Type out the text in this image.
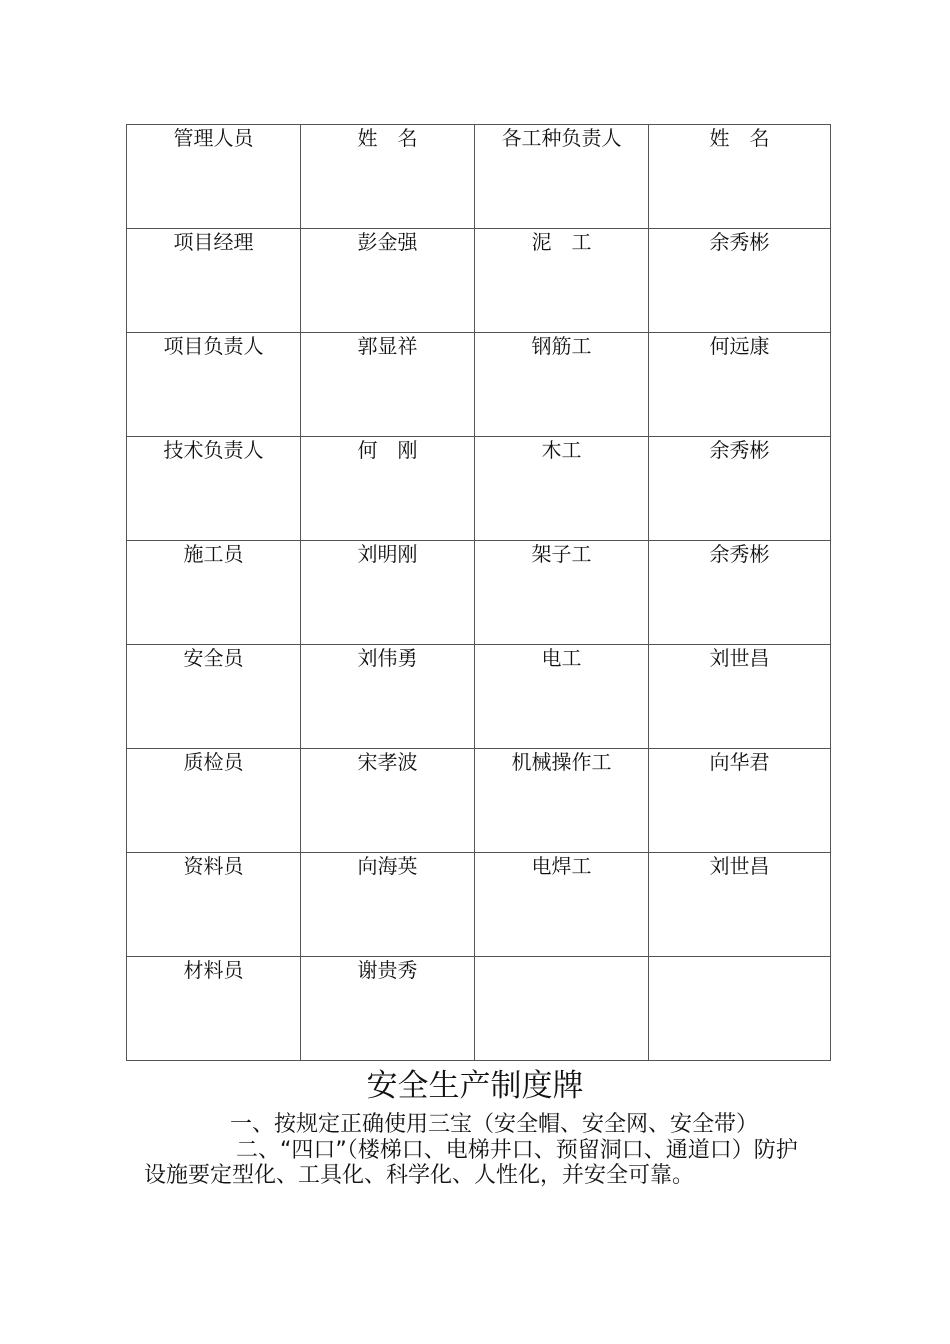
管理人员	姓　名	各工种负责人	姓　名

项目经理	彭金强	泥　工	余秀彬

项目负责人	郭显祥	钢筋工	何远康

技术负责人	何　刚	木工	余秀彬

施工员	刘明刚	架子工	余秀彬

安全员	刘伟勇	电工	刘世昌

质检员	宋孝波	机械操作工	向华君

资料员	向海英	电焊工	刘世昌

材料员	谢贵秀		

安全生产制度牌

一、按规定正确使用三宝（安全帽、安全网、安全带）

二、“四口”（楼梯口、电梯井口、预留洞口、通道口）防护设施要定型化、工具化、科学化、人性化，并安全可靠。
